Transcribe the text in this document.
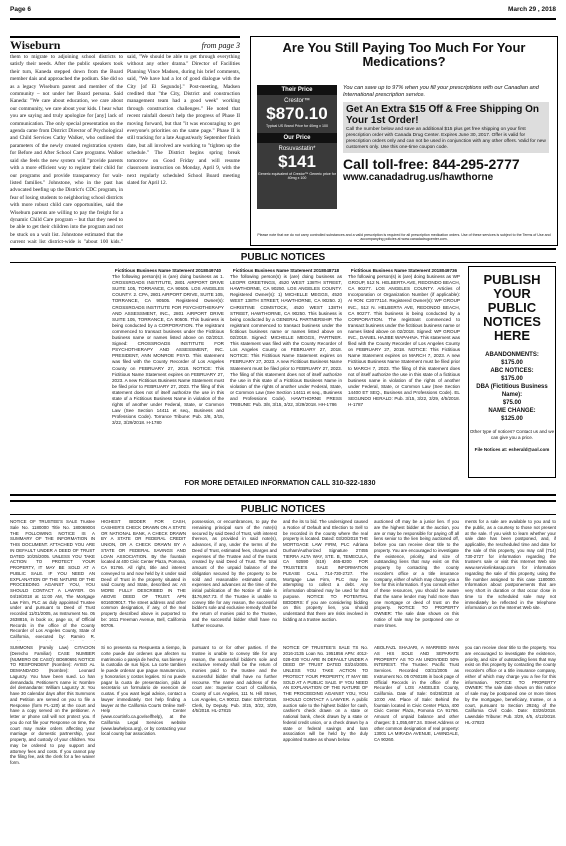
Page 6	March 29 , 2018
Wiseburn	from page 3
them to migrate to adjoining school districts to satisfy their needs. After the public speakers took their turn, Kaneda stepped down from the Board member dais and approached the podium. She did so as a legacy Wiseburn parent and member of the community – not under her Board persona. Said Kaneda: "We care about education, we care about our community, we care about your kids. I hear what you are saying and truly apologize for [any] lack of communication. The only special presentation on the agenda came from District Director of Psychological and Child Services Cathy Walker, who outlined the parameters of the newly created registration system for Before and After School Care programs. Walker said she feels the new system will "provide parents with a more efficient way to register their child for our programs and provide transparency for wait-listed families." Johnstone, who in the past has advocated beefing up the District's CDC program, in fear of losing students to neighboring school districts with more robust child care opportunities, said the Wiseburn parents are willing to pay the freight for a dynamic Child Care program – but that they need to be able to get their children into the program and not be stuck on a wait list. Johnstone estimated that the current wait list district-wide is "about 100 kids."
said, "We should be able to get through everything without any other drama." Director of Facilities Planning Vince Madsen, during his brief comments, said, "We have had a lot of good dialogue with the City [of El Segundo]." Post-meeting, Madsen credited that "the City, District and construction management team had a good week" working through construction challenges." He noted that recent rainfall doesn't help the progress of Phase II moving forward, but that "it was encouraging to get everyone's priorities on the same page." Phase II is still tracking for a late August/early September finish date, but all involved are working to "tighten up the schedule." The District begins spring break tomorrow on Good Friday and will resume classroom instruction on Monday, April 9, with the next regularly scheduled School Board meeting slated for April 12.
Are You Still Paying Too Much For Your Medications?
Their Price
Crestor™
$870.10
Typical US Brand Price for 40mg x 100
Our Price
Rosuvastatin*
$141
Generic equivalent of Crestor™ Generic price for 40mg x 100
You can save up to 97% when you fill your prescriptions with our Canadian and International prescription service.
Get An Extra $15 Off & Free Shipping On Your 1st Order!

Call the number below and save an additional $15 plus get free shipping on your first prescription order with Canada Drug Center. Expires June 30, 2017. Offer is valid for prescription orders only and can not be used in conjunction with any other offers. Valid for new customers only. Use this one-time coupon code.

Call toll-free: 844-295-2777
www.canadadrug.us/hawthorne
Please note that we do not carry controlled substances and a valid prescription is required for all prescription medication orders. Use of these services is subject to the Terms of Use and accompanying policies at www.canadadrugcenter.com.
PUBLIC NOTICES
Fictitious Business Name Statement 2018049740
The following person(s) is (are) doing business as 1. CROSSROADS INSTITUTE, 2801 AIRPORT DRIVE SUITE 105, TORRANCE, CA 90505. LOS ANGELES COUNTY. 2. CPA, 2801 AIRPORT DRIVE, SUITE 105, TORRANCE, CA 90505. Registered Owner(s): CROSSROADS INSTITUTE FOR PSYCHOTHERAPY AND ASSESSMENT, INC., 2801 AIRPORT DRIVE SUITE 105, TORRANCE, CA 90505. This business is being conducted by a CORPORATION. The registrant commenced to transact business under the Fictitious business name or names listed above on 02/2013. Signed: CROSSROADS INSTITUTE FOR PSYCHOTHERAPY AND ASSESSMENT, INC. PRESIDENT, ANN MONROE PSYD. This statement was filed with the County Recorder of Los Angeles County on FEBRUARY 27, 2018. NOTICE: This Fictitious Name Statement expires on FEBRUARY 27, 2023. A new Fictitious Business Name Statement must be filed prior to FEBRUARY 27, 2023. The filing of this statement does not of itself authorize the use in this state of a Fictitious Business Name in violation of the rights of another under Federal, State, or Common Law (See Section 14411 et seq., Business and Professions Code). Torrance Tribune: Pub. 3/8, 3/15, 3/22, 3/29/2018. H-1780
Fictitious Business Name Statement 2018048718
The following person(s) is (are) doing business as LEOPR GREETINGS, 4520 WEST 138TH STREET, HAWTHORNE, CA 90250. LOS ANGELES COUNTY. Registered Owner(s): 1) MICHELLE MEGGS, 4520 WEST 138TH STREET, HAWTHORNE, CA 90250. 2) CHRISTINE COMSTOCK, 4520 WEST 138TH STREET, HAWTHORNE, CA 90250. This business is being conducted by a GENERAL PARTNERSHIP. The registrant commenced to transact business under the fictitious business name or names listed above on 02/2018. Signed: MICHELLE MEGGS, PARTNER. This statement was filed with the County Recorder of Los Angeles County on FEBRUARY 27, 2018. NOTICE: This Fictitious Name Statement expires on FEBRUARY 27, 2023. A new Fictitious Business Name Statement must be filed prior to FEBRUARY 27, 2023. The filing of this statement does not of itself authorize the use in this state of a Fictitious Business Name in violation of the rights of another under Federal, State, or Common Law (See Section 14411 et seq., Business and Professions Code). HAWTHORNE PRESS TRIBUNE: Pub. 3/8, 3/15, 3/22, 3/29/2018. HH-1786
Fictitious Business Name Statement 2018049736
The following person(s) is (are) doing business as WP GROUP, 512 N. HELBERTA AVE, REDONDO BEACH, CA 90277. LOS ANGELES COUNTY. Articles of Incorporation or Organization Number (if applicable): AI #ON: C2077114. Registered Owner(s): WP GROUP INC., 512 N. HELBERTA AVE, REDONDO BEACH, CA 90277. This business is being conducted by a CORPORATION. The registrant commenced to transact business under the fictitious business name or names listed above on 02/2018. Signed: WP GROUP INC., DANIEL HAJIBE WAPAHNA. This statement was filed with the County Recorder of Los Angeles County on FEBRUARY 27, 2018. NOTICE: This Fictitious Name Statement expires on MARCH 7, 2023. A new Fictitious Business Name Statement must be filed prior to MARCH 7, 2023. The filing of this statement does not of itself authorize the use in this state of a fictitious business name in violation of the rights of another under Federal, State, or Common Law (See Section 14400 ET SEQ., Business and Professions Code). EL SEGUNDO HERALD: Pub. 3/15, 3/22, 3/29, 4/5/2018. H-1787
PUBLISH YOUR PUBLIC NOTICES HERE
ABANDONMENTS:
$175.00
ABC NOTICES:
$175.00
DBA (Fictitious Business Name):
$75.00
NAME CHANGE:
$125.00
Other type of notices? Contact us and we can give you a price.
File Notices at: esherald@aol.com
FOR MORE DETAILED INFORMATION CALL 310-322-1830
PUBLIC NOTICES
NOTICE OF TRUSTEE'S SALE Trustee Sale No. 1180000 Title No. 180069004 THE FOLLOWING NOTICE IS A SUMMARY OF THE INFORMATION IN THIS DOCUMENT. ATTACHED YOU ARE IN DEFAULT UNDER A DEED OF TRUST DATED 10/25/2005. UNLESS YOU TAKE ACTION TO PROTECT YOUR PROPERTY, IT MAY BE SOLD AT A PUBLIC SALE. IF YOU NEED AN EXPLANATION OF THE NATURE OF THE PROCEEDING AGAINST YOU, YOU SHOULD CONTACT A LAWYER. On 04/19/2018 at 11:00 AM, The Mortgage Law Firm, PLC as duly appointed Trustee under and pursuant to Deed of Trust recorded 11/01/2005, as Instrument No. 05 2638816, in book xx, page xx, of Official Records in the office of the County Recorder of Los Angeles County, State of California, executed by: Ramiro R.
SUMMONS (Family Law) CITACION (Derecho Familiar) CASE NUMBER (NUMERO DE CASO): BD690691 NOTICE TO RESPONDENT (Nombre): AVISO AL DEMANDADO (Nombre): Leonard Lagunzy. You have been sued. Lo han demandado. Petitioner's name is: Nombre del demandante: William Lagunzy Jr. You have 30 calendar days after this Summons and Petition are served on you to file a Response (form FL-120) at the court and have a copy served on the petitioner. A letter or phone call will not protect you. If you do not file your Response on time, the court may make orders affecting your marriage or domestic partnership, your property, and custody of your children. You may be ordered to pay support and attorney fees and costs. If you cannot pay the filing fee, ask the clerk for a fee waiver form.
HIGHEST BIDDER FOR CASH, CASHIER'S CHECK DRAWN ON A STATE OR NATIONAL BANK, A CHECK DRAWN BY A STATE OR FEDERAL CREDIT UNION, OR A CHECK DRAWN BY A STATE OR FEDERAL SAVINGS AND LOAN ASSOCIATION. By the fountain located at 400 Civic Center Plaza, Pomona, CA 91766. All right, title and interest conveyed to and now held by it under said Deed of Trust in the property situated in said County and State, described as: AS MORE FULLY DESCRIBED IN THE ABOVE DEED OF TRUST. APN 6016009017. The street address and other common designation, if any, of the real property described above is purported to be: 1611 Freeman Avenue, Bell, California 90706.
Si no presenta su Respuesta a tiempo, la corte puede dar ordenes que afecten su matrimonio o pareja de hecho, sus bienes y la custodia de sus hijos. La corte tambien le puede ordenar que pague manutencion, y honorarios y costos legales. Si no puede pagar la cuota de presentacion, pida al secretario un formulario de exencion de cuotas. If you want legal advice, contact a lawyer immediately. Get help finding a lawyer at the California Courts Online Self-Help Center (www.courtinfo.ca.gov/selfhelp), at the California Legal Services website (www.lawhelpca.org), or by contacting your local county bar association.
possession, or encumbrances, to pay the remaining principal sum of the note(s) secured by said Deed of Trust, with interest thereon, as provided in said note(s), advances, if any, under the terms of the Deed of Trust, estimated fees, charges and expenses of the Trustee and of the trusts created by said Deed of Trust. The total amount of the unpaid balance of the obligation secured by the property to be sold and reasonable estimated costs, expenses and advances at the time of the initial publication of the Notice of Sale is $176,967.73. If the Trustee is unable to convey title for any reason, the successful bidder's sole and exclusive remedy shall be the return of monies paid to the Trustee, and the successful bidder shall have no further recourse.
pursuant to or for other parties. If the trustee is unable to convey title for any reason, the successful bidder's sole and exclusive remedy shall be the return of monies paid to the trustee and the successful bidder shall have no further recourse. The name and address of the court are: Superior Court of California, County of Los Angeles, 111 N. Hill Street, Los Angeles, CA 90012. Date: 03/07/2018. Clerk, by Deputy. Pub. 3/15, 3/22, 3/29, 4/5/2018. HL-27815
and the its to bid. The undersigned caused a Notice of Default and Election to Sell to be recorded in the county where the real property is located. Dated: 03/20/2018 THE MORTGAGE LAW FIRM, PLC Adriana Durham/Authorized Signature 27455 TIERRA ALTA WAY, STE. B, TEMECULA, CA 92590 (619) 465-8200 FOR TRUSTEE'S SALE INFORMATION PLEASE CALL 714-730-2727. The Mortgage Law Firm, PLC may be attempting to collect a debt. Any information obtained may be used for that purpose. NOTICE TO POTENTIAL BIDDERS: If you are considering bidding on this property lien, you should understand that there are risks involved in bidding at a trustee auction.
NOTICE OF TRUSTEE'S SALE TS No. 2016-2135 Loan No. 1951856 APN: 4012-028-030 YOU ARE IN DEFAULT UNDER A DEED OF TRUST DATED 03/24/2005. UNLESS YOU TAKE ACTION TO PROTECT YOUR PROPERTY, IT MAY BE SOLD AT A PUBLIC SALE. IF YOU NEED AN EXPLANATION OF THE NATURE OF THE PROCEEDING AGAINST YOU, YOU SHOULD CONTACT A LAWYER. A public auction sale to the highest bidder for cash, cashier's check drawn on a state or national bank, check drawn by a state or federal credit union, or a check drawn by a state or federal savings and loan association will be held by the duly appointed trustee as shown below.
auctioned off may be a junior lien. If you are the highest bidder at the auction, you are or may be responsible for paying off all liens senior to the lien being auctioned off, before you can receive clear title to the property. You are encouraged to investigate the existence, priority, and size of outstanding liens that may exist on this property by contacting the county recorder's office or a title insurance company, either of which may charge you a fee for this information. If you consult either of these resources, you should be aware that the same lender may hold more than one mortgage or deed of trust on the property. NOTICE TO PROPERTY OWNER: The sale date shown on this notice of sale may be postponed one or more times.
ABOLFAZL SHAJARI, A MARRIED MAN AS HIS SOLE AND SEPARATE PROPERTY AS TO AN UNDIVIDED 50% INTEREST. The Trustee: Pacific Trust Services. Recorded 03/31/2005 as Instrument No. 05 0760186 in book page of Official Records in the office of the Recorder of LOS ANGELES County, California. Date of Sale: 04/26/2018 at 10:00 AM. Place of Sale: Behind the fountain located in Civic Center Plaza, 400 Civic Center Plaza, Pomona CA 91766. Amount of unpaid balance and other charges: $ 1,055,697.24. Street Address or other common designation of real property: 13001 LA MIRADA AVENUE, LAWNDALE, CA 90260.
ments for a sale are available to you and to the public, as a courtesy to those not present at the sale. If you wish to learn whether your sale date has been postponed, and, if applicable, the rescheduled time and date for the sale of this property, you may call (714) 730-2727 for information regarding the trustee's sale or visit this Internet Web site www.servicelinkasap.com for information regarding the sale of this property, using the file number assigned to this case 1180000. Information about postponements that are very short in duration or that occur close in time to the scheduled sale may not immediately be reflected in the telephone information or on the Internet Web site.
you can receive clear title to the property. You are encouraged to investigate the existence, priority, and size of outstanding liens that may exist on this property by contacting the county recorder's office or a title insurance company, either of which may charge you a fee for this information. NOTICE TO PROPERTY OWNER: The sale date shown on this notice of sale may be postponed one or more times by the mortgagee, beneficiary, trustee, or a court, pursuant to Section 2924g of the California Civil Code. Date: 03/26/2018. Lawndale Tribune: Pub. 3/29, 4/5, 4/12/2018. HL-27823
